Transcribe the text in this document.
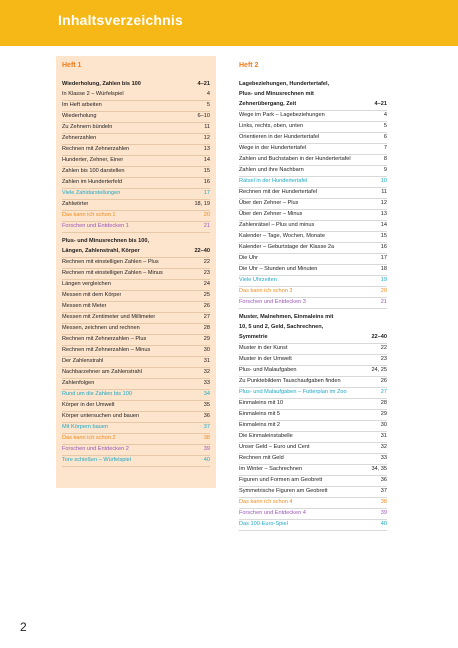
Inhaltsverzeichnis
Heft 1
Wiederholung, Zahlen bis 100	4–21
In Klasse 2 – Würfelspiel	4
Im Heft arbeiten	5
Wiederholung	6–10
Zu Zehnern bündeln	11
Zehnerzahlen	12
Rechnen mit Zehnerzahlen	13
Hunderter, Zehner, Einer	14
Zahlen bis 100 darstellen	15
Zahlen im Hunderterfeld	16
Viele Zahldarstellungen	17
Zahlwörter	18, 19
Das kann ich schon 1	20
Forschen und Entdecken 1	21
Plus- und Minusrechnen bis 100,
Längen, Zahlenstrahl, Körper	22–40
Rechnen mit einstelligen Zahlen – Plus	22
Rechnen mit einstelligen Zahlen – Minus	23
Längen vergleichen	24
Messen mit dem Körper	25
Messen mit Meter	26
Messen mit Zentimeter und Millimeter	27
Messen, zeichnen und rechnen	28
Rechnen mit Zehnerzahlen – Plus	29
Rechnen mit Zehnerzahlen – Minus	30
Der Zahlenstrahl	31
Nachbarzehner am Zahlenstrahl	32
Zahlenfolgen	33
Rund um die Zahlen bis 100	34
Körper in der Umwelt	35
Körper untersuchen und bauen	36
Mit Körpern bauen	37
Das kann ich schon 2	38
Forschen und Entdecken 2	39
Tore schießen – Würfelspiel	40
Heft 2
Lagebeziehungen, Hundertertafel,
Plus- und Minusrechnen mit
Zehnerübergang, Zeit	4–21
Wege im Park – Lagebeziehungen	4
Links, rechts, oben, unten	5
Orientieren in der Hundertertafel	6
Wege in der Hundertertafel	7
Zahlen und Buchstaben in der Hundertertafel	8
Zahlen und ihre Nachbarn	9
Rätsel in der Hundertertafel	10
Rechnen mit der Hundertertafel	11
Über den Zehner – Plus	12
Über den Zehner – Minus	13
Zahlenrätsel – Plus und minus	14
Kalender – Tage, Wochen, Monate	15
Kalender – Geburtstage der Klasse 2a	16
Die Uhr	17
Die Uhr – Stunden und Minuten	18
Viele Uhrzeiten	19
Das kann ich schon 3	20
Forschen und Entdecken 3	21
Muster, Malnehmen, Einmaleins mit
10, 5 und 2, Geld, Sachrechnen,
Symmetrie	22–40
Muster in der Kunst	22
Muster in der Umwelt	23
Plus- und Malaufgaben	24, 25
Zu Punktebildern Tauschaufgaben finden	26
Plus- und Malaufgaben – Futterplan im Zoo	27
Einmaleins mit 10	28
Einmaleins mit 5	29
Einmaleins mit 2	30
Die Einmaleinstabelle	31
Unser Geld – Euro und Cent	32
Rechnen mit Geld	33
Im Winter – Sachrechnen	34, 35
Figuren und Formen am Geobrett	36
Symmetrische Figuren am Geobrett	37
Das kann ich schon 4	38
Forschen und Entdecken 4	39
Das 100-Euro-Spiel	40
2
